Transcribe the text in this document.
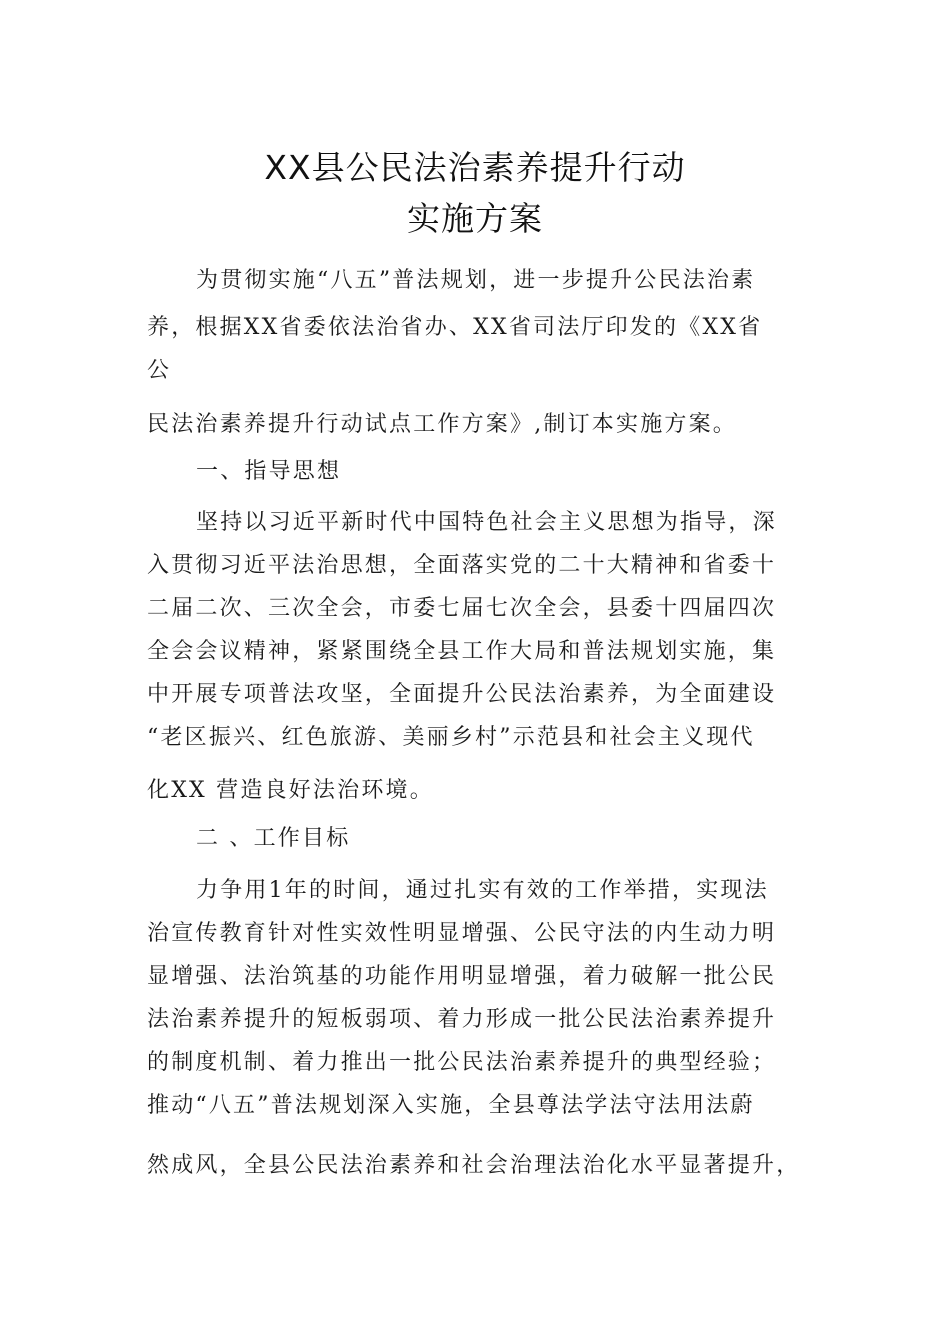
XX县公民法治素养提升行动
实施方案
为贯彻实施“八五”普法规划，进一步提升公民法治素
养，根据XX省委依法治省办、XX省司法厅印发的《XX省
公
民法治素养提升行动试点工作方案》,制订本实施方案。
一、指导思想
坚持以习近平新时代中国特色社会主义思想为指导，深
入贯彻习近平法治思想，全面落实党的二十大精神和省委十
二届二次、三次全会，市委七届七次全会，县委十四届四次
全会会议精神，紧紧围绕全县工作大局和普法规划实施，集
中开展专项普法攻坚，全面提升公民法治素养，为全面建设
“老区振兴、红色旅游、美丽乡村”示范县和社会主义现代
化XX 营造良好法治环境。
二 、工作目标
力争用1年的时间，通过扎实有效的工作举措，实现法
治宣传教育针对性实效性明显增强、公民守法的内生动力明
显增强、法治筑基的功能作用明显增强，着力破解一批公民
法治素养提升的短板弱项、着力形成一批公民法治素养提升
的制度机制、着力推出一批公民法治素养提升的典型经验；
推动“八五”普法规划深入实施，全县尊法学法守法用法蔚
然成风，全县公民法治素养和社会治理法治化水平显著提升，
